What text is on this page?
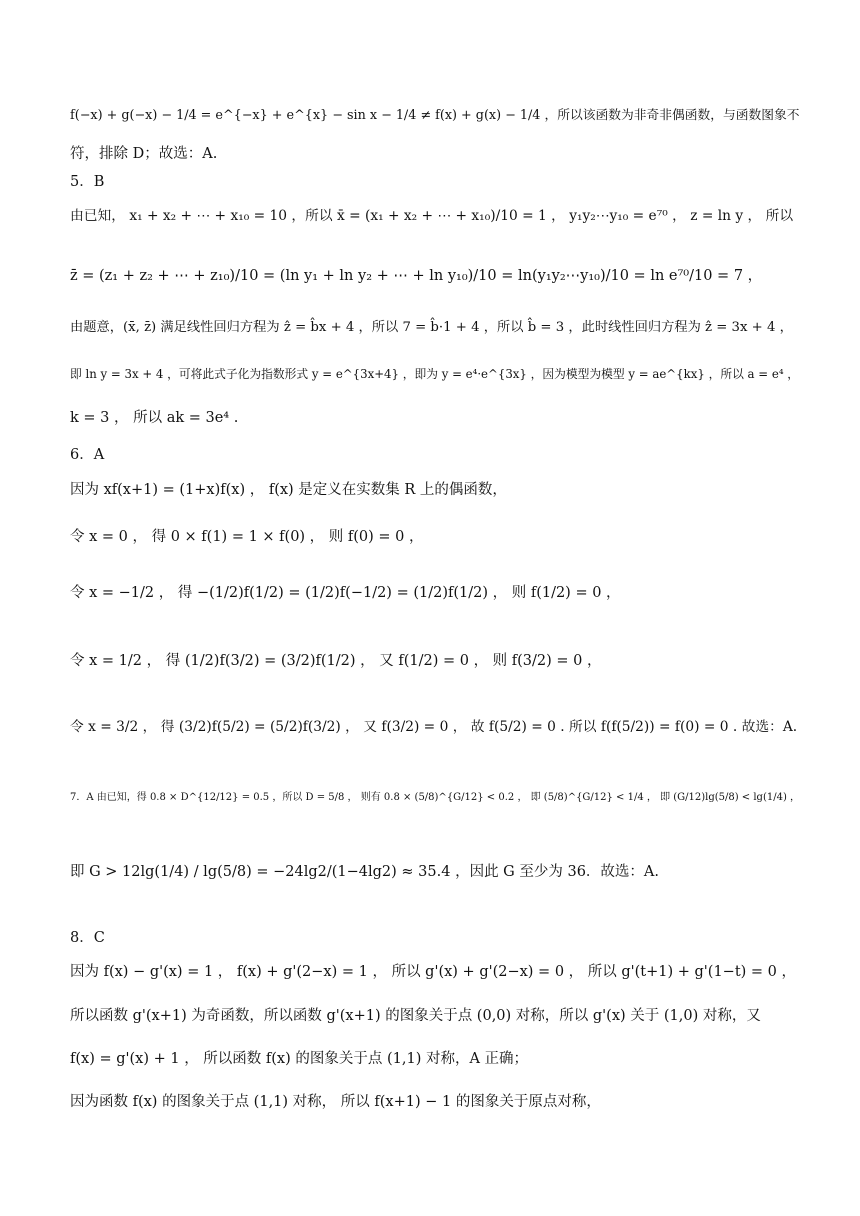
f(−x) + g(−x) − 1/4 = e^{−x} + e^{x} − sin x − 1/4 ≠ f(x) + g(x) − 1/4 ，所以该函数为非奇非偶函数，与函数图象不
符，排除 D；故选：A.
5．B
由已知， x₁ + x₂ + ⋯ + x₁₀ = 10 ，所以 x̄ = (x₁ + x₂ + ⋯ + x₁₀)/10 = 1 ， y₁y₂⋯y₁₀ = e⁷⁰ ， z = ln y ， 所以
z̄ = (z₁ + z₂ + ⋯ + z₁₀)/10 = (ln y₁ + ln y₂ + ⋯ + ln y₁₀)/10 = ln(y₁y₂⋯y₁₀)/10 = ln e⁷⁰/10 = 7 ，
由题意，(x̄, z̄) 满足线性回归方程为 ẑ = b̂x + 4 ，所以 7 = b̂·1 + 4 ，所以 b̂ = 3 ，此时线性回归方程为 ẑ = 3x + 4 ，
即 ln y = 3x + 4 ，可将此式子化为指数形式 y = e^{3x+4} ，即为 y = e⁴·e^{3x} ，因为模型为模型 y = ae^{kx} ，所以 a = e⁴ ，
k = 3 ， 所以 ak = 3e⁴ .
6．A
因为 xf(x+1) = (1+x)f(x) ， f(x) 是定义在实数集 R 上的偶函数，
令 x = 0 ， 得 0 × f(1) = 1 × f(0) ， 则 f(0) = 0 ，
令 x = −1/2 ， 得 −(1/2)f(1/2) = (1/2)f(−1/2) = (1/2)f(1/2) ， 则 f(1/2) = 0 ，
令 x = 1/2 ， 得 (1/2)f(3/2) = (3/2)f(1/2) ， 又 f(1/2) = 0 ， 则 f(3/2) = 0 ，
令 x = 3/2 ， 得 (3/2)f(5/2) = (5/2)f(3/2) ， 又 f(3/2) = 0 ， 故 f(5/2) = 0 . 所以 f(f(5/2)) = f(0) = 0 . 故选：A.
7．A 由已知，得 0.8 × D^{12/12} = 0.5 ，所以 D = 5/8 ， 则有 0.8 × (5/8)^{G/12} < 0.2 ， 即 (5/8)^{G/12} < 1/4 ， 即 (G/12)lg(5/8) < lg(1/4) ，
即 G > 12lg(1/4) / lg(5/8) = −24lg2/(1−4lg2) ≈ 35.4 ，因此 G 至少为 36．故选：A.
8．C
因为 f(x) − g'(x) = 1 ， f(x) + g'(2−x) = 1 ， 所以 g'(x) + g'(2−x) = 0 ， 所以 g'(t+1) + g'(1−t) = 0 ，
所以函数 g'(x+1) 为奇函数，所以函数 g'(x+1) 的图象关于点 (0,0) 对称，所以 g'(x) 关于 (1,0) 对称，又
f(x) = g'(x) + 1 ， 所以函数 f(x) 的图象关于点 (1,1) 对称，A 正确；
因为函数 f(x) 的图象关于点 (1,1) 对称， 所以 f(x+1) − 1 的图象关于原点对称，
